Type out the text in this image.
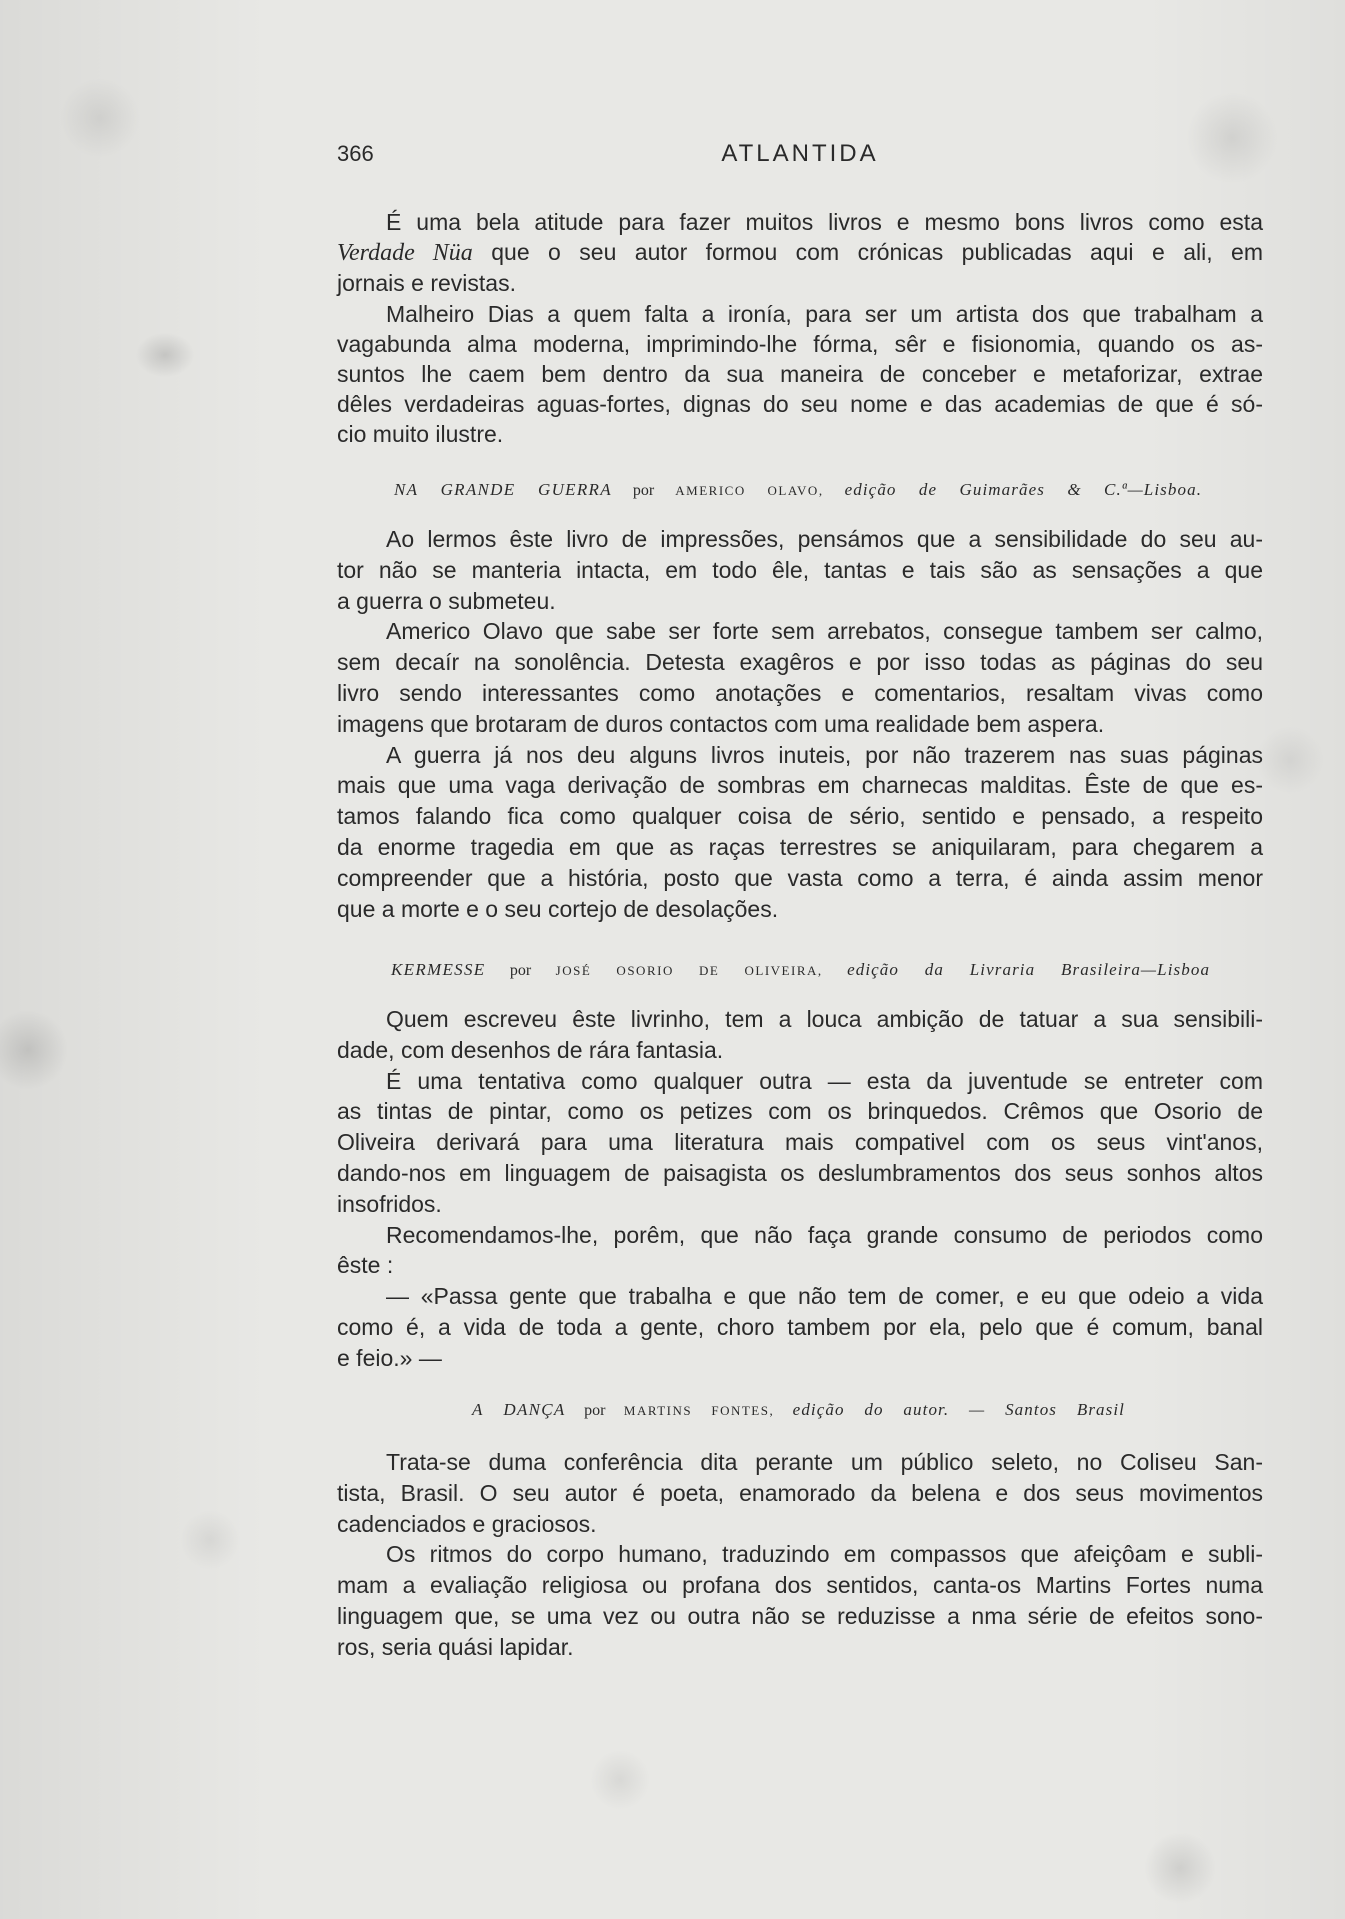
366	ATLANTIDA
É uma bela atitude para fazer muitos livros e mesmo bons livros como esta
Verdade Nüa que o seu autor formou com crónicas publicadas aqui e ali, em
jornais e revistas.
Malheiro Dias a quem falta a ironía, para ser um artista dos que trabalham a
vagabunda alma moderna, imprimindo-lhe fórma, sêr e fisionomia, quando os as-
suntos lhe caem bem dentro da sua maneira de conceber e metaforizar, extrae
dêles verdadeiras aguas-fortes, dignas do seu nome e das academias de que é só-
cio muito ilustre.
NA GRANDE GUERRA por AMERICO OLAVO, edição de Guimarães & C.ª—Lisboa.
Ao lermos êste livro de impressões, pensámos que a sensibilidade do seu au-
tor não se manteria intacta, em todo êle, tantas e tais são as sensações a que
a guerra o submeteu.
Americo Olavo que sabe ser forte sem arrebatos, consegue tambem ser calmo,
sem decaír na sonolência. Detesta exagêros e por isso todas as páginas do seu
livro sendo interessantes como anotações e comentarios, resaltam vivas como
imagens que brotaram de duros contactos com uma realidade bem aspera.
A guerra já nos deu alguns livros inuteis, por não trazerem nas suas páginas
mais que uma vaga derivação de sombras em charnecas malditas. Êste de que es-
tamos falando fica como qualquer coisa de sério, sentido e pensado, a respeito
da enorme tragedia em que as raças terrestres se aniquilaram, para chegarem a
compreender que a história, posto que vasta como a terra, é ainda assim menor
que a morte e o seu cortejo de desolações.
KERMESSE por JOSÉ OSORIO DE OLIVEIRA, edição da Livraria Brasileira—Lisboa
Quem escreveu êste livrinho, tem a louca ambição de tatuar a sua sensibili-
dade, com desenhos de rára fantasia.
É uma tentativa como qualquer outra — esta da juventude se entreter com
as tintas de pintar, como os petizes com os brinquedos. Crêmos que Osorio de
Oliveira derivará para uma literatura mais compativel com os seus vint'anos,
dando-nos em linguagem de paisagista os deslumbramentos dos seus sonhos altos
insofridos.
Recomendamos-lhe, porêm, que não faça grande consumo de periodos como
êste :
— «Passa gente que trabalha e que não tem de comer, e eu que odeio a vida
como é, a vida de toda a gente, choro tambem por ela, pelo que é comum, banal
e feio.» —
A DANÇA por MARTINS FONTES, edição do autor. — Santos Brasil
Trata-se duma conferência dita perante um público seleto, no Coliseu San-
tista, Brasil. O seu autor é poeta, enamorado da belena e dos seus movimentos
cadenciados e graciosos.
Os ritmos do corpo humano, traduzindo em compassos que afeiçôam e subli-
mam a evaliação religiosa ou profana dos sentidos, canta-os Martins Fortes numa
linguagem que, se uma vez ou outra não se reduzisse a nma série de efeitos sono-
ros, seria quási lapidar.
